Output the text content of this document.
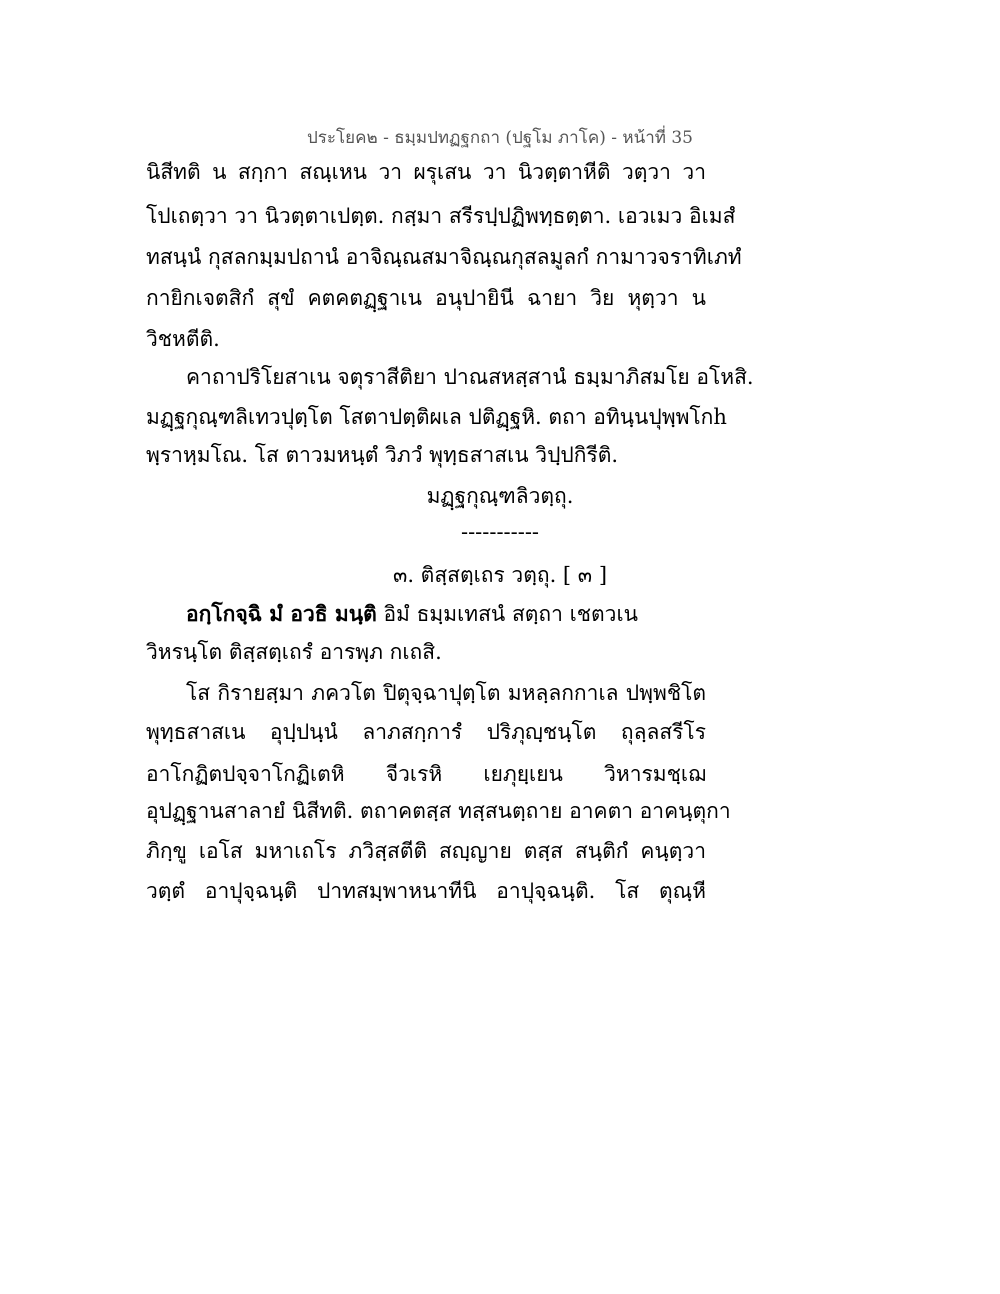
ประโยค๒ - ธมฺมปทฏฐกถา (ปฐโม ภาโค) - หน้าที่ 35
นิสีทติ น สกฺกา สณฺเหน วา ผรุเสน วา นิวตฺตาหีติ วตฺวา วา
โปเถตฺวา วา นิวตฺตาเปตฺต. กสฺมา สรีรปฺปฏิพทฺธตฺตา. เอวเมว อิเมสํ
ทสนฺนํ กุสลกมฺมปถานํ อาจิณฺณสมาจิณฺณกุสลมูลกํ กามาวจราทิเภทํ
กายิกเจตสิกํ สุขํ คตคตฏฺฐาเน อนุปายินี ฉายา วิย หุตฺวา น
วิชหตีติ.
คาถาปริโยสาเน จตุราสีติยา ปาณสหสฺสานํ ธมฺมาภิสมโย อโหสิ.
มฏฺฐกุณฺฑลิเทวปุตฺโต โสตาปตฺติผเล ปติฏฺฐหิ. ตถา อทินฺนปุพฺพโกh
พฺราหฺมโณ. โส ตาวมหนฺตํ วิภวํ พุทฺธสาสเน วิปฺปกิรีติ.
มฏฺฐกุณฺฑลิวตฺถุ.
-----------
๓. ติสฺสตฺเถร วตฺถุ. [ ๓ ]
อกฺโกจฺฉิ มํ อวธิ มนฺติ อิมํ ธมฺมเทสนํ สตฺถา เชตวเน
วิหรนฺโต ติสฺสตฺเถรํ อารพฺภ กเถสิ.
โส กิรายสฺมา ภควโต ปิตุจฺฉาปุตฺโต มหลฺลกกาเล ปพฺพชิโต
พุทฺธสาสเน อุปฺปนฺนํ ลาภสกฺการํ ปริภุญฺชนฺโต ถุลฺลสรีโร
อาโกฏิตปจฺจาโกฏิเตหิ จีวเรหิ เยภุยฺเยน วิหารมชฺเฌ
อุปฏฺฐานสาลายํ นิสีทติ. ตถาคตสฺส ทสฺสนตฺถาย อาคตา อาคนฺตุกา
ภิกฺขู เอโส มหาเถโร ภวิสฺสตีติ สญฺญาย ตสฺส สนฺติกํ คนฺตฺวา
วตฺตํ อาปุจฺฉนฺติ ปาทสมฺพาหนาทีนิ อาปุจฺฉนฺติ. โส ตุณฺหี
